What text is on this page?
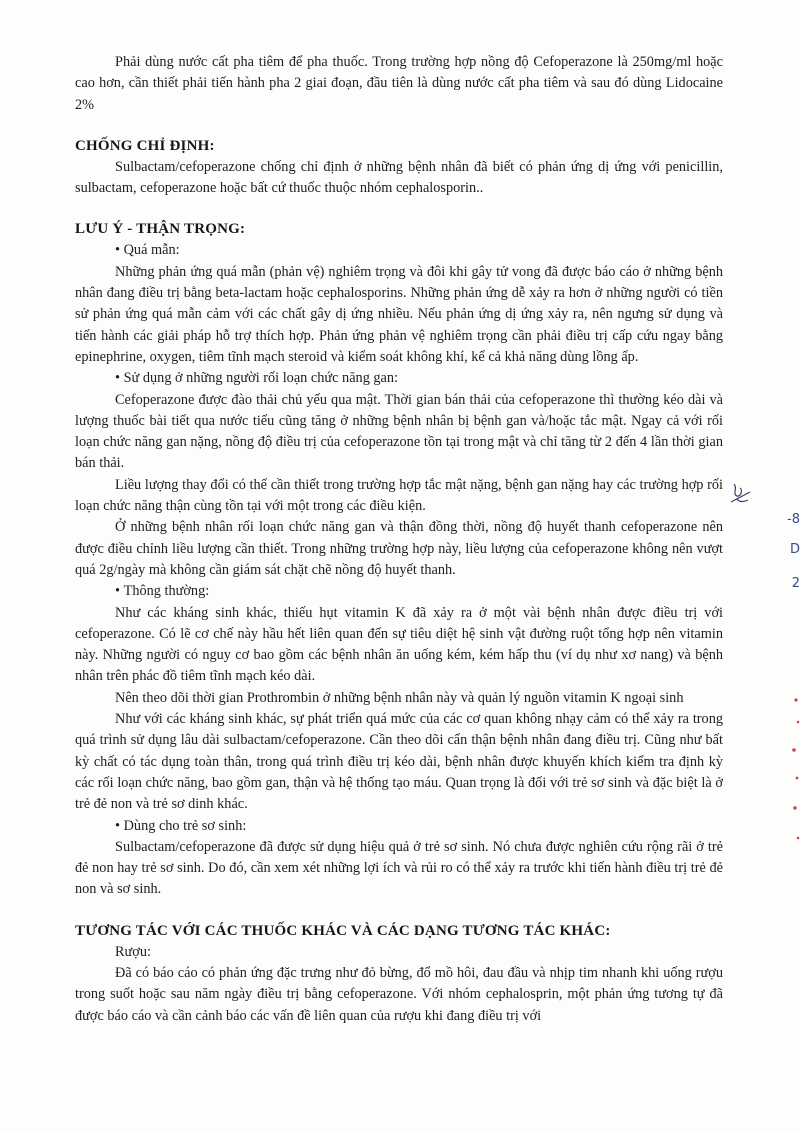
Phải dùng nước cất pha tiêm để pha thuốc. Trong trường hợp nồng độ Cefoperazone là 250mg/ml hoặc cao hơn, cần thiết phải tiến hành pha 2 giai đoạn, đầu tiên là dùng nước cất pha tiêm và sau đó dùng Lidocaine 2%

CHỐNG CHỈ ĐỊNH:

Sulbactam/cefoperazone chống chỉ định ở những bệnh nhân đã biết có phản ứng dị ứng với penicillin, sulbactam, cefoperazone hoặc bất cứ thuốc thuộc nhóm cephalosporin..

LƯU Ý - THẬN TRỌNG:

• Quá mẫn:

Những phản ứng quá mẫn (phản vệ) nghiêm trọng và đôi khi gây tử vong đã được báo cáo ở những bệnh nhân đang điều trị bằng beta-lactam hoặc cephalosporins. Những phản ứng dễ xảy ra hơn ở những người có tiền sử phản ứng quá mẫn cảm với các chất gây dị ứng nhiều. Nếu phản ứng dị ứng xảy ra, nên ngưng sử dụng và tiến hành các giải pháp hỗ trợ thích hợp. Phản ứng phản vệ nghiêm trọng cần phải điều trị cấp cứu ngay bằng epinephrine, oxygen, tiêm tĩnh mạch steroid và kiểm soát không khí, kể cả khả năng dùng lồng ấp.

• Sử dụng ở những người rối loạn chức năng gan:

Cefoperazone được đào thải chủ yếu qua mật. Thời gian bán thải của cefoperazone thì thường kéo dài và lượng thuốc bài tiết qua nước tiểu cũng tăng ở những bệnh nhân bị bệnh gan và/hoặc tắc mật. Ngay cả với rối loạn chức năng gan nặng, nồng độ điều trị của cefoperazone tồn tại trong mật và chỉ tăng từ 2 đến 4 lần thời gian bán thải.

Liều lượng thay đổi có thể cần thiết trong trường hợp tắc mật nặng, bệnh gan nặng hay các trường hợp rối loạn chức năng thận cùng tồn tại với một trong các điều kiện.

Ở những bệnh nhân rối loạn chức năng gan và thận đồng thời, nồng độ huyết thanh cefoperazone nên được điều chỉnh liều lượng cần thiết. Trong những trường hợp này, liều lượng của cefoperazone không nên vượt quá 2g/ngày mà không cần giám sát chặt chẽ nồng độ huyết thanh.

• Thông thường:

Như các kháng sinh khác, thiếu hụt vitamin K đã xảy ra ở một vài bệnh nhân được điều trị với cefoperazone. Có lẽ cơ chế này hầu hết liên quan đến sự tiêu diệt hệ sinh vật đường ruột tổng hợp nên vitamin này. Những người có nguy cơ bao gồm các bệnh nhân ăn uống kém, kém hấp thu (ví dụ như xơ nang) và bệnh nhân trên phác đồ tiêm tĩnh mạch kéo dài.

Nên theo dõi thời gian Prothrombin ở những bệnh nhân này và quản lý nguồn vitamin K ngoại sinh

Như với các kháng sinh khác, sự phát triển quá mức của các cơ quan không nhạy cảm có thể xảy ra trong quá trình sử dụng lâu dài sulbactam/cefoperazone. Cần theo dõi cẩn thận bệnh nhân đang điều trị. Cũng như bất kỳ chất có tác dụng toàn thân, trong quá trình điều trị kéo dài, bệnh nhân được khuyến khích kiểm tra định kỳ các rối loạn chức năng, bao gồm gan, thận và hệ thống tạo máu. Quan trọng là đối với trẻ sơ sinh và đặc biệt là ở trẻ đẻ non và trẻ sơ dinh khác.

• Dùng cho trẻ sơ sinh:

Sulbactam/cefoperazone đã được sử dụng hiệu quả ở trẻ sơ sinh. Nó chưa được nghiên cứu rộng rãi ở trẻ đẻ non hay trẻ sơ sinh. Do đó, cần xem xét những lợi ích và rủi ro có thể xảy ra trước khi tiến hành điều trị trẻ đẻ non và sơ sinh.

TƯƠNG TÁC VỚI CÁC THUỐC KHÁC VÀ CÁC DẠNG TƯƠNG TÁC KHÁC:

Rượu:

Đã có báo cáo có phản ứng đặc trưng như đỏ bừng, đổ mồ hôi, đau đầu và nhịp tim nhanh khi uống rượu trong suốt hoặc sau năm ngày điều trị bằng cefoperazone. Với nhóm cephalosprin, một phản ứng tương tự đã được báo cáo và cần cảnh báo các vấn đề liên quan của rượu khi đang điều trị với

-8
D
2
